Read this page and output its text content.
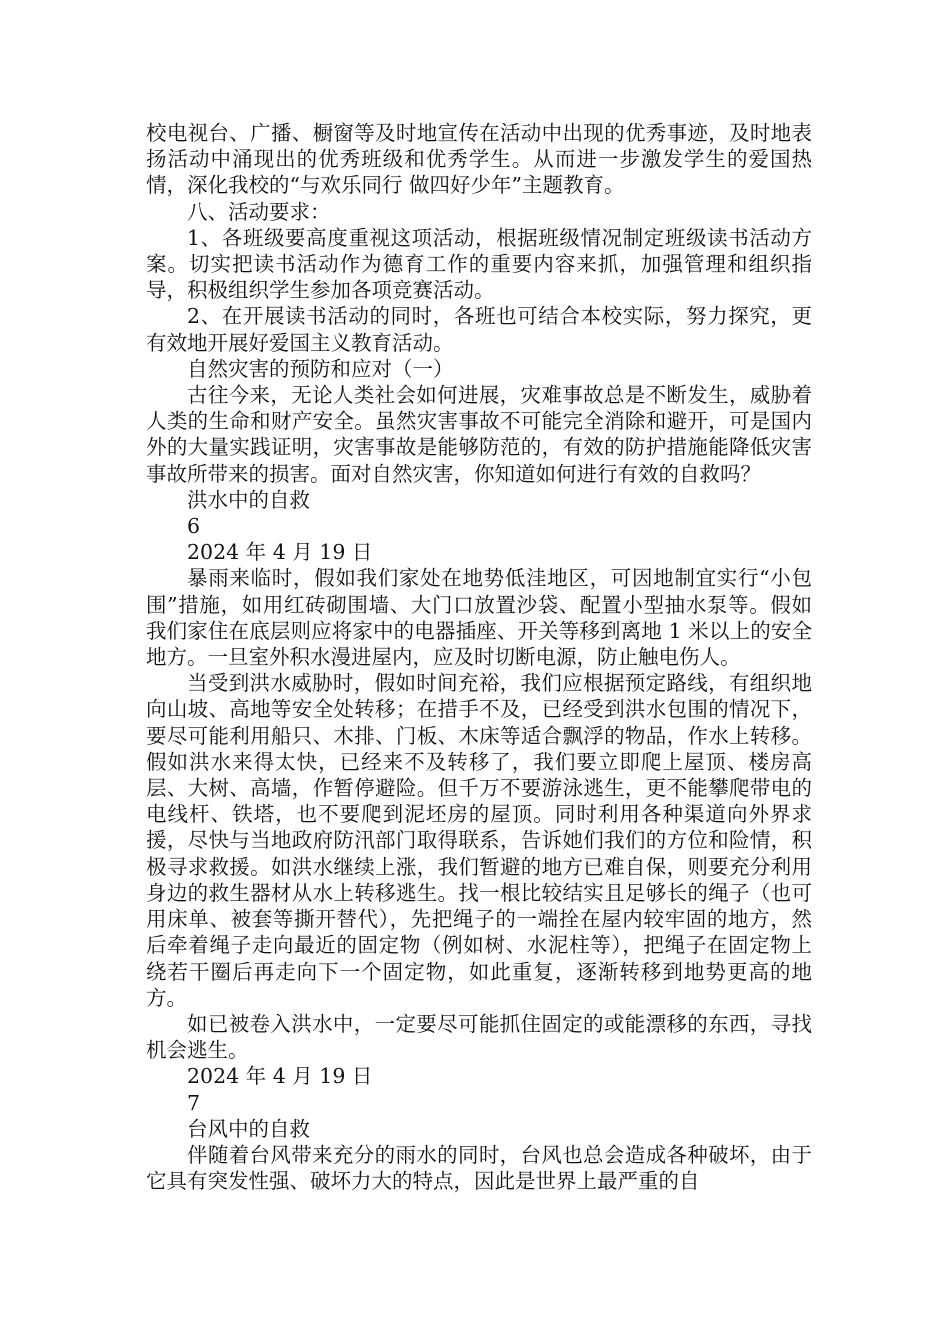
校电视台、广播、橱窗等及时地宣传在活动中出现的优秀事迹，及时地表扬活动中涌现出的优秀班级和优秀学生。从而进一步激发学生的爱国热情，深化我校的“与欢乐同行 做四好少年”主题教育。

八、活动要求：

1、各班级要高度重视这项活动，根据班级情况制定班级读书活动方案。切实把读书活动作为德育工作的重要内容来抓，加强管理和组织指导，积极组织学生参加各项竞赛活动。

2、在开展读书活动的同时，各班也可结合本校实际，努力探究，更有效地开展好爱国主义教育活动。

自然灾害的预防和应对（一）

古往今来，无论人类社会如何进展，灾难事故总是不断发生，威胁着人类的生命和财产安全。虽然灾害事故不可能完全消除和避开，可是国内外的大量实践证明，灾害事故是能够防范的，有效的防护措施能降低灾害事故所带来的损害。面对自然灾害，你知道如何进行有效的自救吗？

洪水中的自救

6

2024 年 4 月 19 日

暴雨来临时，假如我们家处在地势低洼地区，可因地制宜实行“小包围”措施，如用红砖砌围墙、大门口放置沙袋、配置小型抽水泵等。假如我们家住在底层则应将家中的电器插座、开关等移到离地 1 米以上的安全地方。一旦室外积水漫进屋内，应及时切断电源，防止触电伤人。

当受到洪水威胁时，假如时间充裕，我们应根据预定路线，有组织地向山坡、高地等安全处转移；在措手不及，已经受到洪水包围的情况下，要尽可能利用船只、木排、门板、木床等适合飘浮的物品，作水上转移。假如洪水来得太快，已经来不及转移了，我们要立即爬上屋顶、楼房高层、大树、高墙，作暂停避险。但千万不要游泳逃生，更不能攀爬带电的电线杆、铁塔，也不要爬到泥坯房的屋顶。同时利用各种渠道向外界求援，尽快与当地政府防汛部门取得联系，告诉她们我们的方位和险情，积极寻求救援。如洪水继续上涨，我们暂避的地方已难自保，则要充分利用身边的救生器材从水上转移逃生。找一根比较结实且足够长的绳子（也可用床单、被套等撕开替代），先把绳子的一端拴在屋内较牢固的地方，然后牵着绳子走向最近的固定物（例如树、水泥柱等），把绳子在固定物上绕若干圈后再走向下一个固定物，如此重复，逐渐转移到地势更高的地方。

如已被卷入洪水中，一定要尽可能抓住固定的或能漂移的东西，寻找机会逃生。

2024 年 4 月 19 日

7

台风中的自救

伴随着台风带来充分的雨水的同时，台风也总会造成各种破坏，由于它具有突发性强、破坏力大的特点，因此是世界上最严重的自
